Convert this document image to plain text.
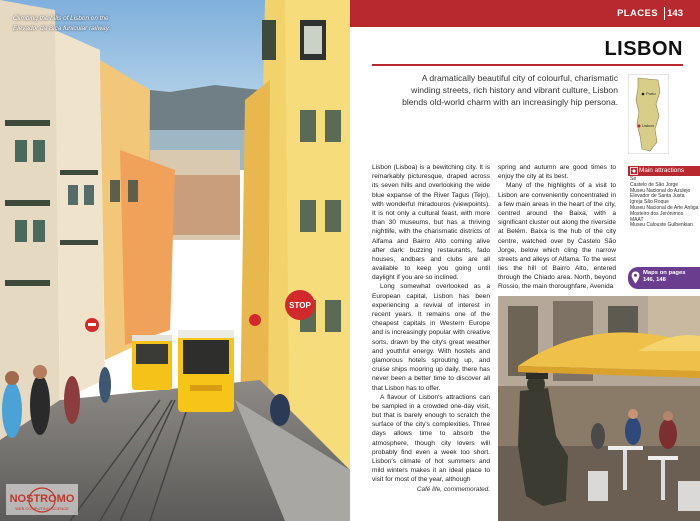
STOP
Climbing the hills of Lisbon on the Elevador da Bica funicular railway.
NOSTROMO
WEB COMPUTING SCIENCE
PLACES 143
LISBON

A dramatically beautiful city of colourful, charismatic winding streets, rich history and vibrant culture, Lisbon blends old-world charm with an increasingly hip persona.

Porto
Lisbon

Lisbon (Lisboa) is a bewitching city. It is remarkably picturesque, draped across its seven hills and overlooking the wide blue expanse of the River Tagus (Tejo), with wonderful miradouros (viewpoints). It is not only a cultural feast, with more than 30 museums, but has a thriving nightlife, with the charismatic districts of Alfama and Bairro Alto coming alive after dark: buzzing restaurants, fado houses, andbars and clubs are all available to keep you going until daylight if you are so inclined.

Long somewhat overlooked as a European capital, Lisbon has been experiencing a revival of interest in recent years. It remains one of the cheapest capitals in Western Europe and is increasingly popular with creative sorts, drawn by the city's great weather and youthful energy. With hostels and glamorous hotels sprouting up, and cruise ships mooring up daily, there has never been a better time to discover all that Lisbon has to offer.

A flavour of Lisbon's attractions can be sampled in a crowded one-day visit, but that is barely enough to scratch the surface of the city's complexities. Three days allows time to absorb the atmosphere, though city lovers will probably find even a week too short. Lisbon's climate of hot summers and mild winters makes it an ideal place to visit for most of the year, although

spring and autumn are good times to enjoy the city at its best.

Many of the highlights of a visit to Lisbon are conveniently concentrated in a few main areas in the heart of the city, centred around the Baixa, with a significant cluster out along the riverside at Belém. Baixa is the hub of the city centre, watched over by Castelo São Jorge, below which cling the narrow streets and alleys of Alfama. To the west lies the hill of Bairro Alto, entered through the Chiado area. North, beyond Rossio, the main thoroughfare, Avenida

Café life, commemorated.
Main attractions
Sé
Castelo de São Jorge
Museu Nacional do Azulejo
Elevador de Santa Justa
Igreja São Roque
Museu Nacional de Arte Antiga
Mosteiro dos Jerónimos
MAAT
Museu Calouste Gulbenkian
Maps on pages
146, 148
